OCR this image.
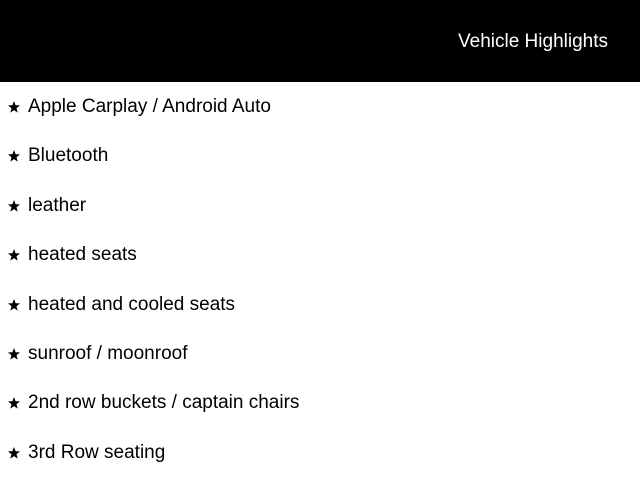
Vehicle Highlights
Apple Carplay / Android Auto
Bluetooth
leather
heated seats
heated and cooled seats
sunroof / moonroof
2nd row buckets / captain chairs
3rd Row seating
